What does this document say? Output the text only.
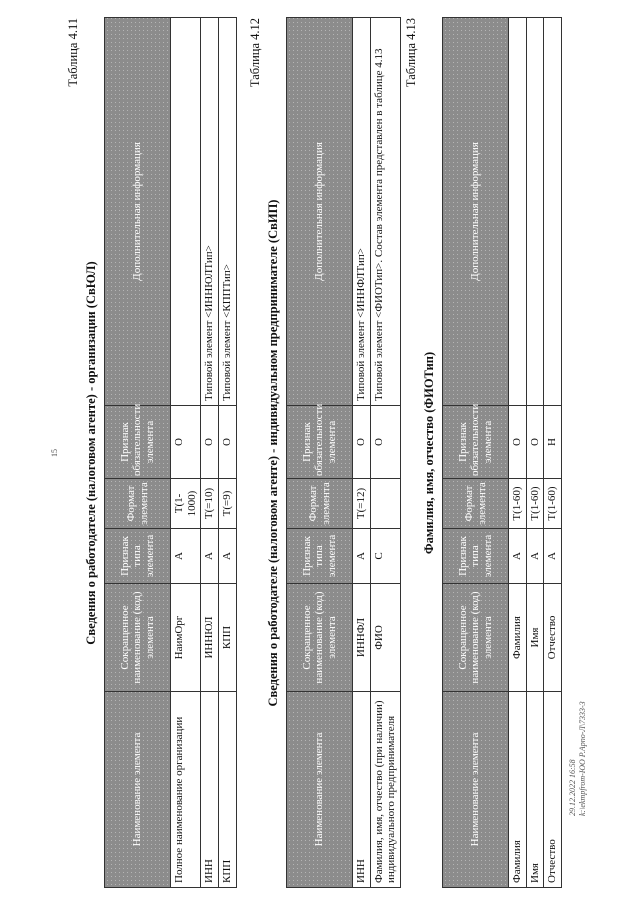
15
Таблица 4.11
Сведения о работодателе (налоговом агенте) - организации (СвЮЛ)
Наименование элемента	Сокращенное наименование (код) элемента	Признак типа элемента	Формат элемента	Признак обязательности элемента	Дополнительная информация
Полное наименование организации	НаимОрг	A	T(1-1000)	O	
ИНН	ИННЮЛ	A	T(=10)	O	Типовой элемент <ИННЮЛТип>
КПП	КПП	A	T(=9)	O	Типовой элемент <КППТип>
Таблица 4.12
Сведения о работодателе (налоговом агенте) - индивидуальном предпринимателе (СвИП)
Наименование элемента	Сокращенное наименование (код) элемента	Признак типа элемента	Формат элемента	Признак обязательности элемента	Дополнительная информация
ИНН	ИННФЛ	A	T(=12)	O	Типовой элемент <ИННФЛТип>
Фамилия, имя, отчество (при наличии) индивидуального предпринимателя	ФИО	C		O	Типовой элемент <ФИОТип>. Состав элемента представлен в таблице 4.13 Таблица 4.13
Фамилия, имя, отчество (ФИОТип)
Наименование элемента	Сокращенное наименование (код) элемента	Признак типа элемента	Формат элемента	Признак обязательности элемента	Дополнительная информация
Фамилия	Фамилия	A	T(1-60)	O	
Имя	Имя	A	T(1-60)	O	
Отчество	Отчество	A	T(1-60)	H	
29.12.2022 16:58 k:\ekmpfrom-ЮО Р.Арпо-Л\7333-3
